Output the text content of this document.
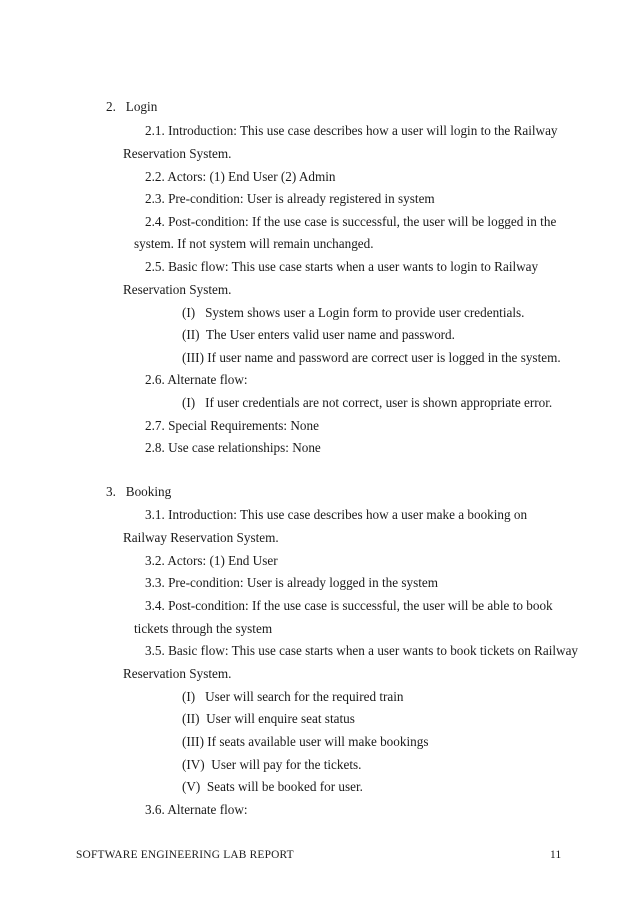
2. Login
2.1. Introduction: This use case describes how a user will login to the Railway
Reservation System.
2.2. Actors: (1) End User (2) Admin
2.3. Pre-condition: User is already registered in system
2.4. Post-condition: If the use case is successful, the user will be logged in the
system. If not system will remain unchanged.
2.5. Basic flow: This use case starts when a user wants to login to Railway
Reservation System.
(I)   System shows user a Login form to provide user credentials.
(II)  The User enters valid user name and password.
(III) If user name and password are correct user is logged in the system.
2.6. Alternate flow:
(I)   If user credentials are not correct, user is shown appropriate error.
2.7. Special Requirements: None
2.8. Use case relationships: None
3. Booking
3.1. Introduction: This use case describes how a user make a booking on
Railway Reservation System.
3.2. Actors: (1) End User
3.3. Pre-condition: User is already logged in the system
3.4. Post-condition: If the use case is successful, the user will be able to book
tickets through the system
3.5. Basic flow: This use case starts when a user wants to book tickets on Railway
Reservation System.
(I)   User will search for the required train
(II)  User will enquire seat status
(III) If seats available user will make bookings
(IV)  User will pay for the tickets.
(V)  Seats will be booked for user.
3.6. Alternate flow:
SOFTWARE ENGINEERING LAB REPORT	11
